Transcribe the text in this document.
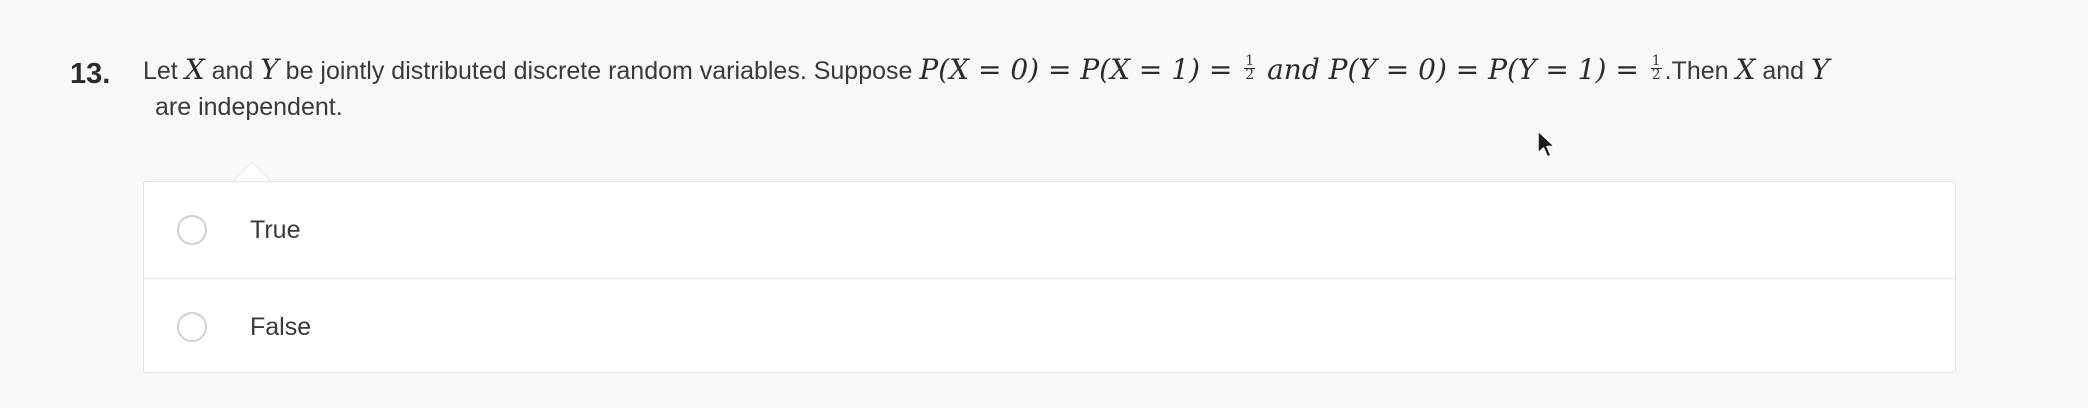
13. Let X and Y be jointly distributed discrete random variables. Suppose $P(X = 0) = P(X = 1) = \frac{1}{2}$ and $P(Y = 0) = P(Y = 1) = \frac{1}{2}$ .Then X and Y
are independent.
True
False
